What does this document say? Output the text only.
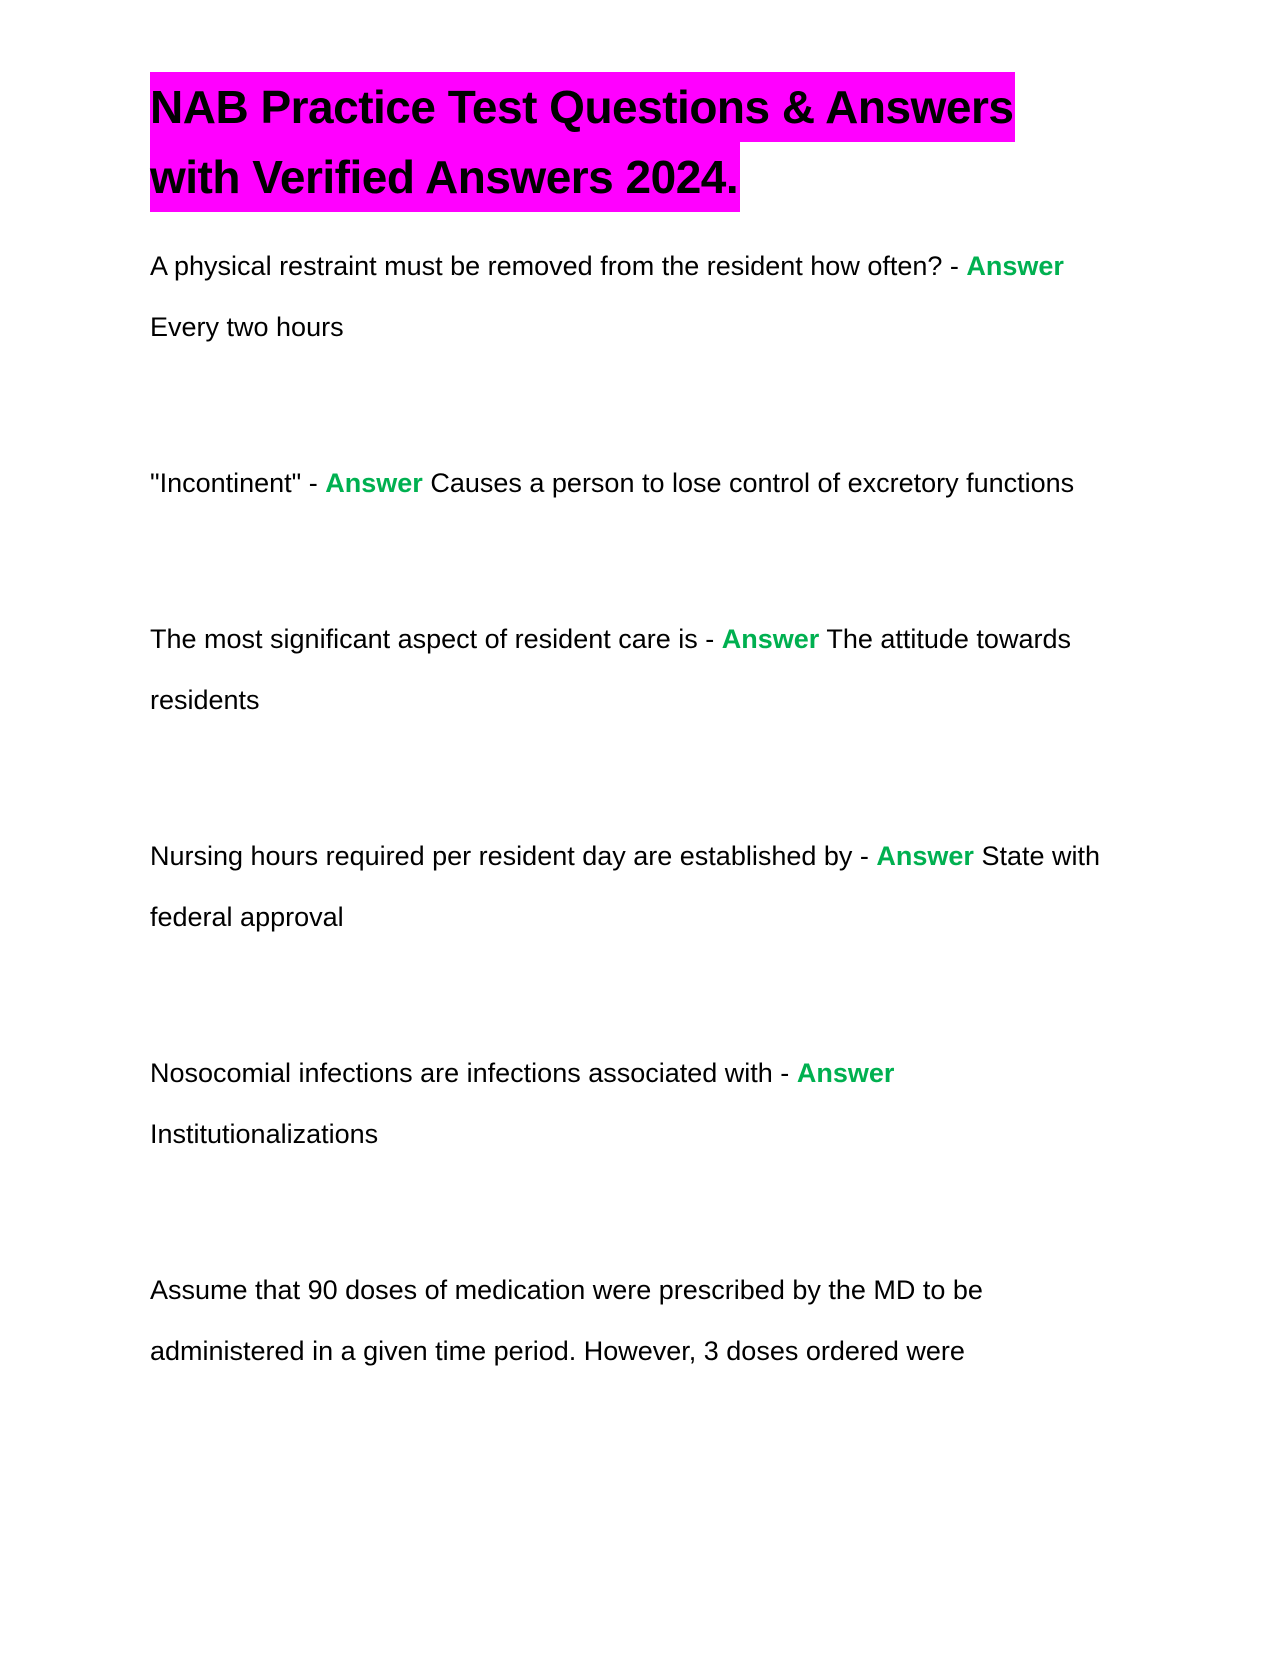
NAB Practice Test Questions & Answers
with Verified Answers 2024.

A physical restraint must be removed from the resident how often? - Answer Every two hours

"Incontinent" - Answer Causes a person to lose control of excretory functions

The most significant aspect of resident care is - Answer The attitude towards residents

Nursing hours required per resident day are established by - Answer State with federal approval

Nosocomial infections are infections associated with - Answer Institutionalizations

Assume that 90 doses of medication were prescribed by the MD to be administered in a given time period. However, 3 doses ordered were
